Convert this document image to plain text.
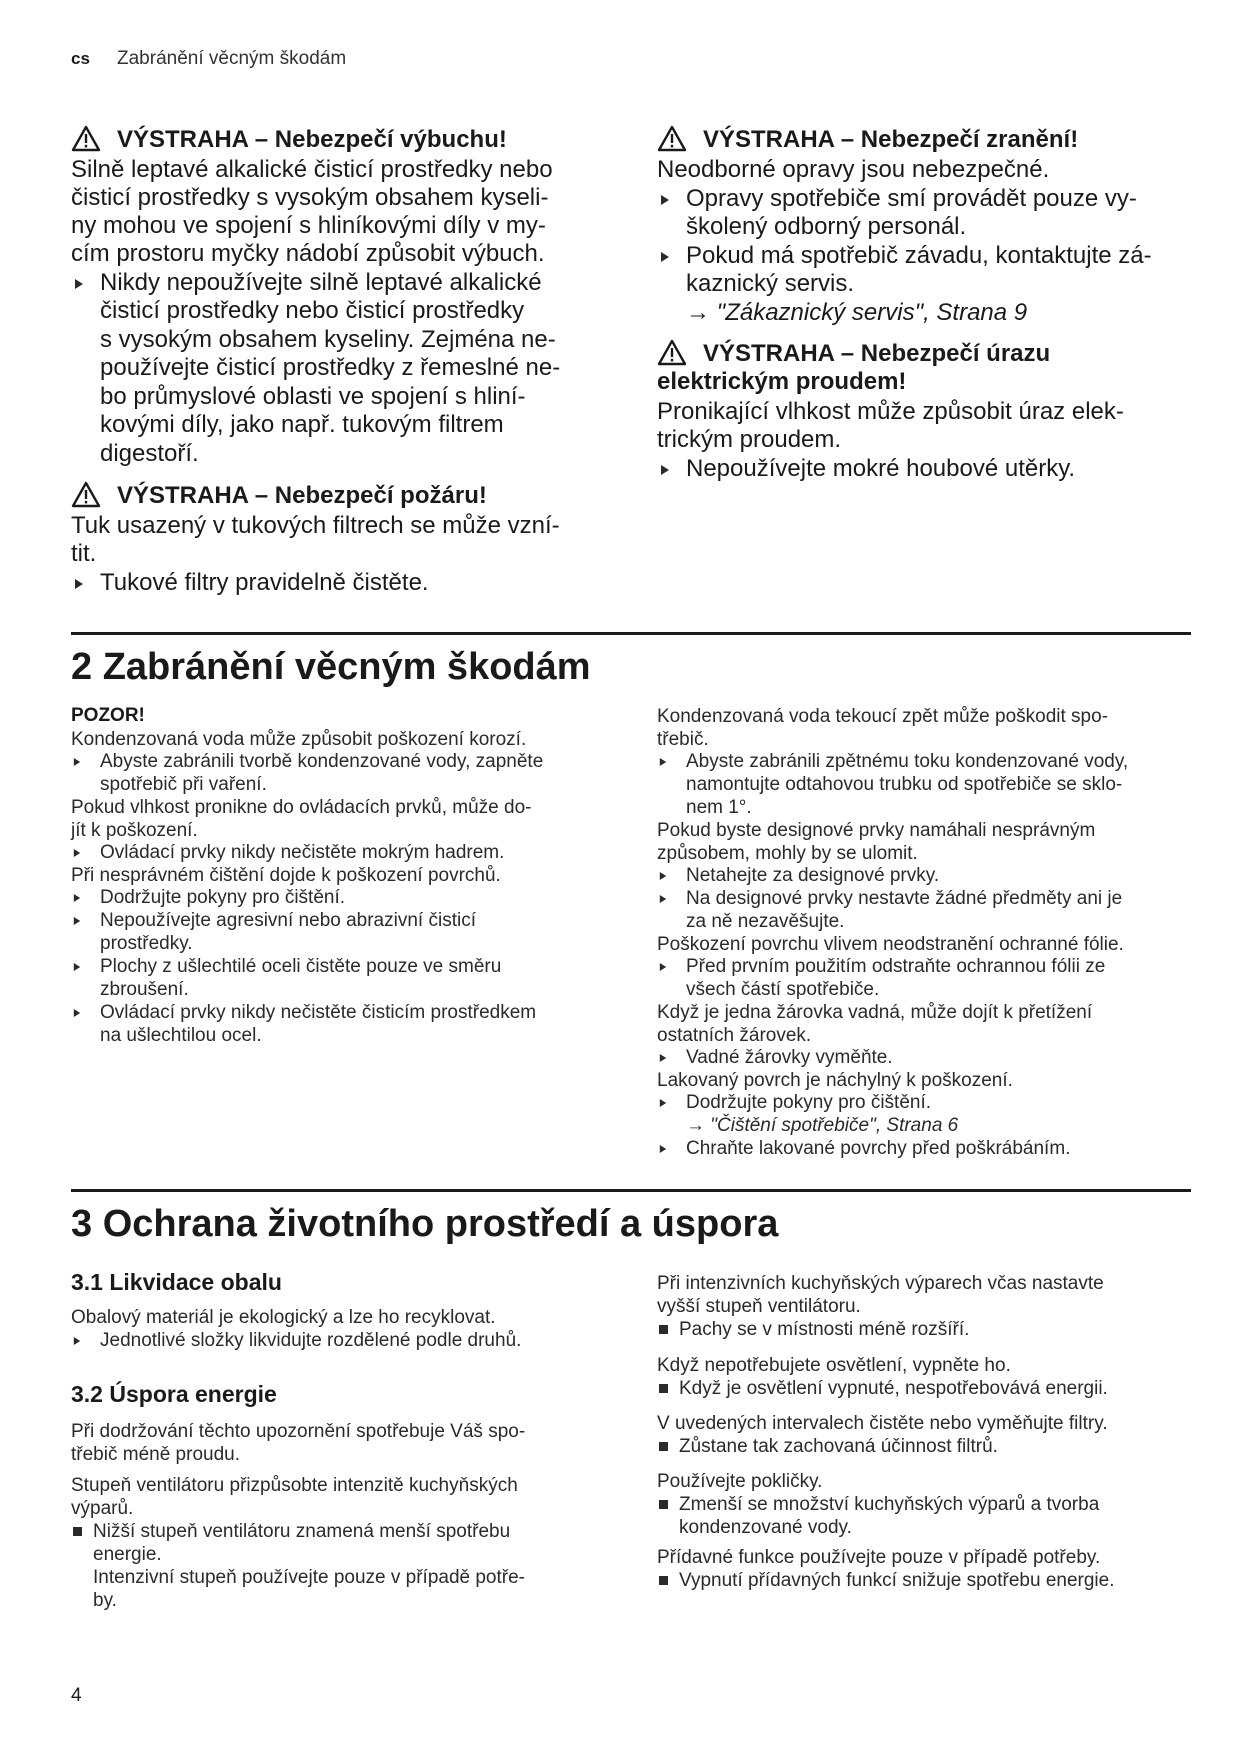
cs Zabránění věcným škodám
VÝSTRAHA – Nebezpečí výbuchu!
Silně leptavé alkalické čisticí prostředky nebo
čisticí prostředky s vysokým obsahem kyseli-
ny mohou ve spojení s hliníkovými díly v my-
cím prostoru myčky nádobí způsobit výbuch.
Nikdy nepoužívejte silně leptavé alkalické
čisticí prostředky nebo čisticí prostředky
s vysokým obsahem kyseliny. Zejména ne-
používejte čisticí prostředky z řemeslné ne-
bo průmyslové oblasti ve spojení s hliní-
kovými díly, jako např. tukovým filtrem
digestoří.
VÝSTRAHA – Nebezpečí požáru!
Tuk usazený v tukových filtrech se může vzní-
tit.
Tukové filtry pravidelně čistěte.
VÝSTRAHA – Nebezpečí zranění!
Neodborné opravy jsou nebezpečné.
Opravy spotřebiče smí provádět pouze vy-
školený odborný personál.
Pokud má spotřebič závadu, kontaktujte zá-
kaznický servis.
→ "Zákaznický servis", Strana 9
VÝSTRAHA – Nebezpečí úrazu
elektrickým proudem!
Pronikající vlhkost může způsobit úraz elek-
trickým proudem.
Nepoužívejte mokré houbové utěrky.
2 Zabránění věcným škodám
POZOR!
Kondenzovaná voda může způsobit poškození korozí.
Abyste zabránili tvorbě kondenzované vody, zapněte
spotřebič při vaření.
Pokud vlhkost pronikne do ovládacích prvků, může do-
jít k poškození.
Ovládací prvky nikdy nečistěte mokrým hadrem.
Při nesprávném čištění dojde k poškození povrchů.
Dodržujte pokyny pro čištění.
Nepoužívejte agresivní nebo abrazivní čisticí
prostředky.
Plochy z ušlechtilé oceli čistěte pouze ve směru
zbroušení.
Ovládací prvky nikdy nečistěte čisticím prostředkem
na ušlechtilou ocel.
Kondenzovaná voda tekoucí zpět může poškodit spo-
třebič.
Abyste zabránili zpětnému toku kondenzované vody,
namontujte odtahovou trubku od spotřebiče se sklo-
nem 1°.
Pokud byste designové prvky namáhali nesprávným
způsobem, mohly by se ulomit.
Netahejte za designové prvky.
Na designové prvky nestavte žádné předměty ani je
za ně nezavěšujte.
Poškození povrchu vlivem neodstranění ochranné fólie.
Před prvním použitím odstraňte ochrannou fólii ze
všech částí spotřebiče.
Když je jedna žárovka vadná, může dojít k přetížení
ostatních žárovek.
Vadné žárovky vyměňte.
Lakovaný povrch je náchylný k poškození.
Dodržujte pokyny pro čištění.
→ "Čištění spotřebiče", Strana 6
Chraňte lakované povrchy před poškrábáním.
3 Ochrana životního prostředí a úspora
3.1 Likvidace obalu
Obalový materiál je ekologický a lze ho recyklovat.
Jednotlivé složky likvidujte rozdělené podle druhů.
3.2 Úspora energie
Při dodržování těchto upozornění spotřebuje Váš spo-
třebič méně proudu.
Stupeň ventilátoru přizpůsobte intenzitě kuchyňských
výparů.
Nižší stupeň ventilátoru znamená menší spotřebu
energie.
Intenzivní stupeň používejte pouze v případě potře-
by.
Při intenzivních kuchyňských výparech včas nastavte
vyšší stupeň ventilátoru.
Pachy se v místnosti méně rozšíří.
Když nepotřebujete osvětlení, vypněte ho.
Když je osvětlení vypnuté, nespotřebovává energii.
V uvedených intervalech čistěte nebo vyměňujte filtry.
Zůstane tak zachovaná účinnost filtrů.
Používejte pokličky.
Zmenší se množství kuchyňských výparů a tvorba
kondenzované vody.
Přídavné funkce používejte pouze v případě potřeby.
Vypnutí přídavných funkcí snižuje spotřebu energie.
4
